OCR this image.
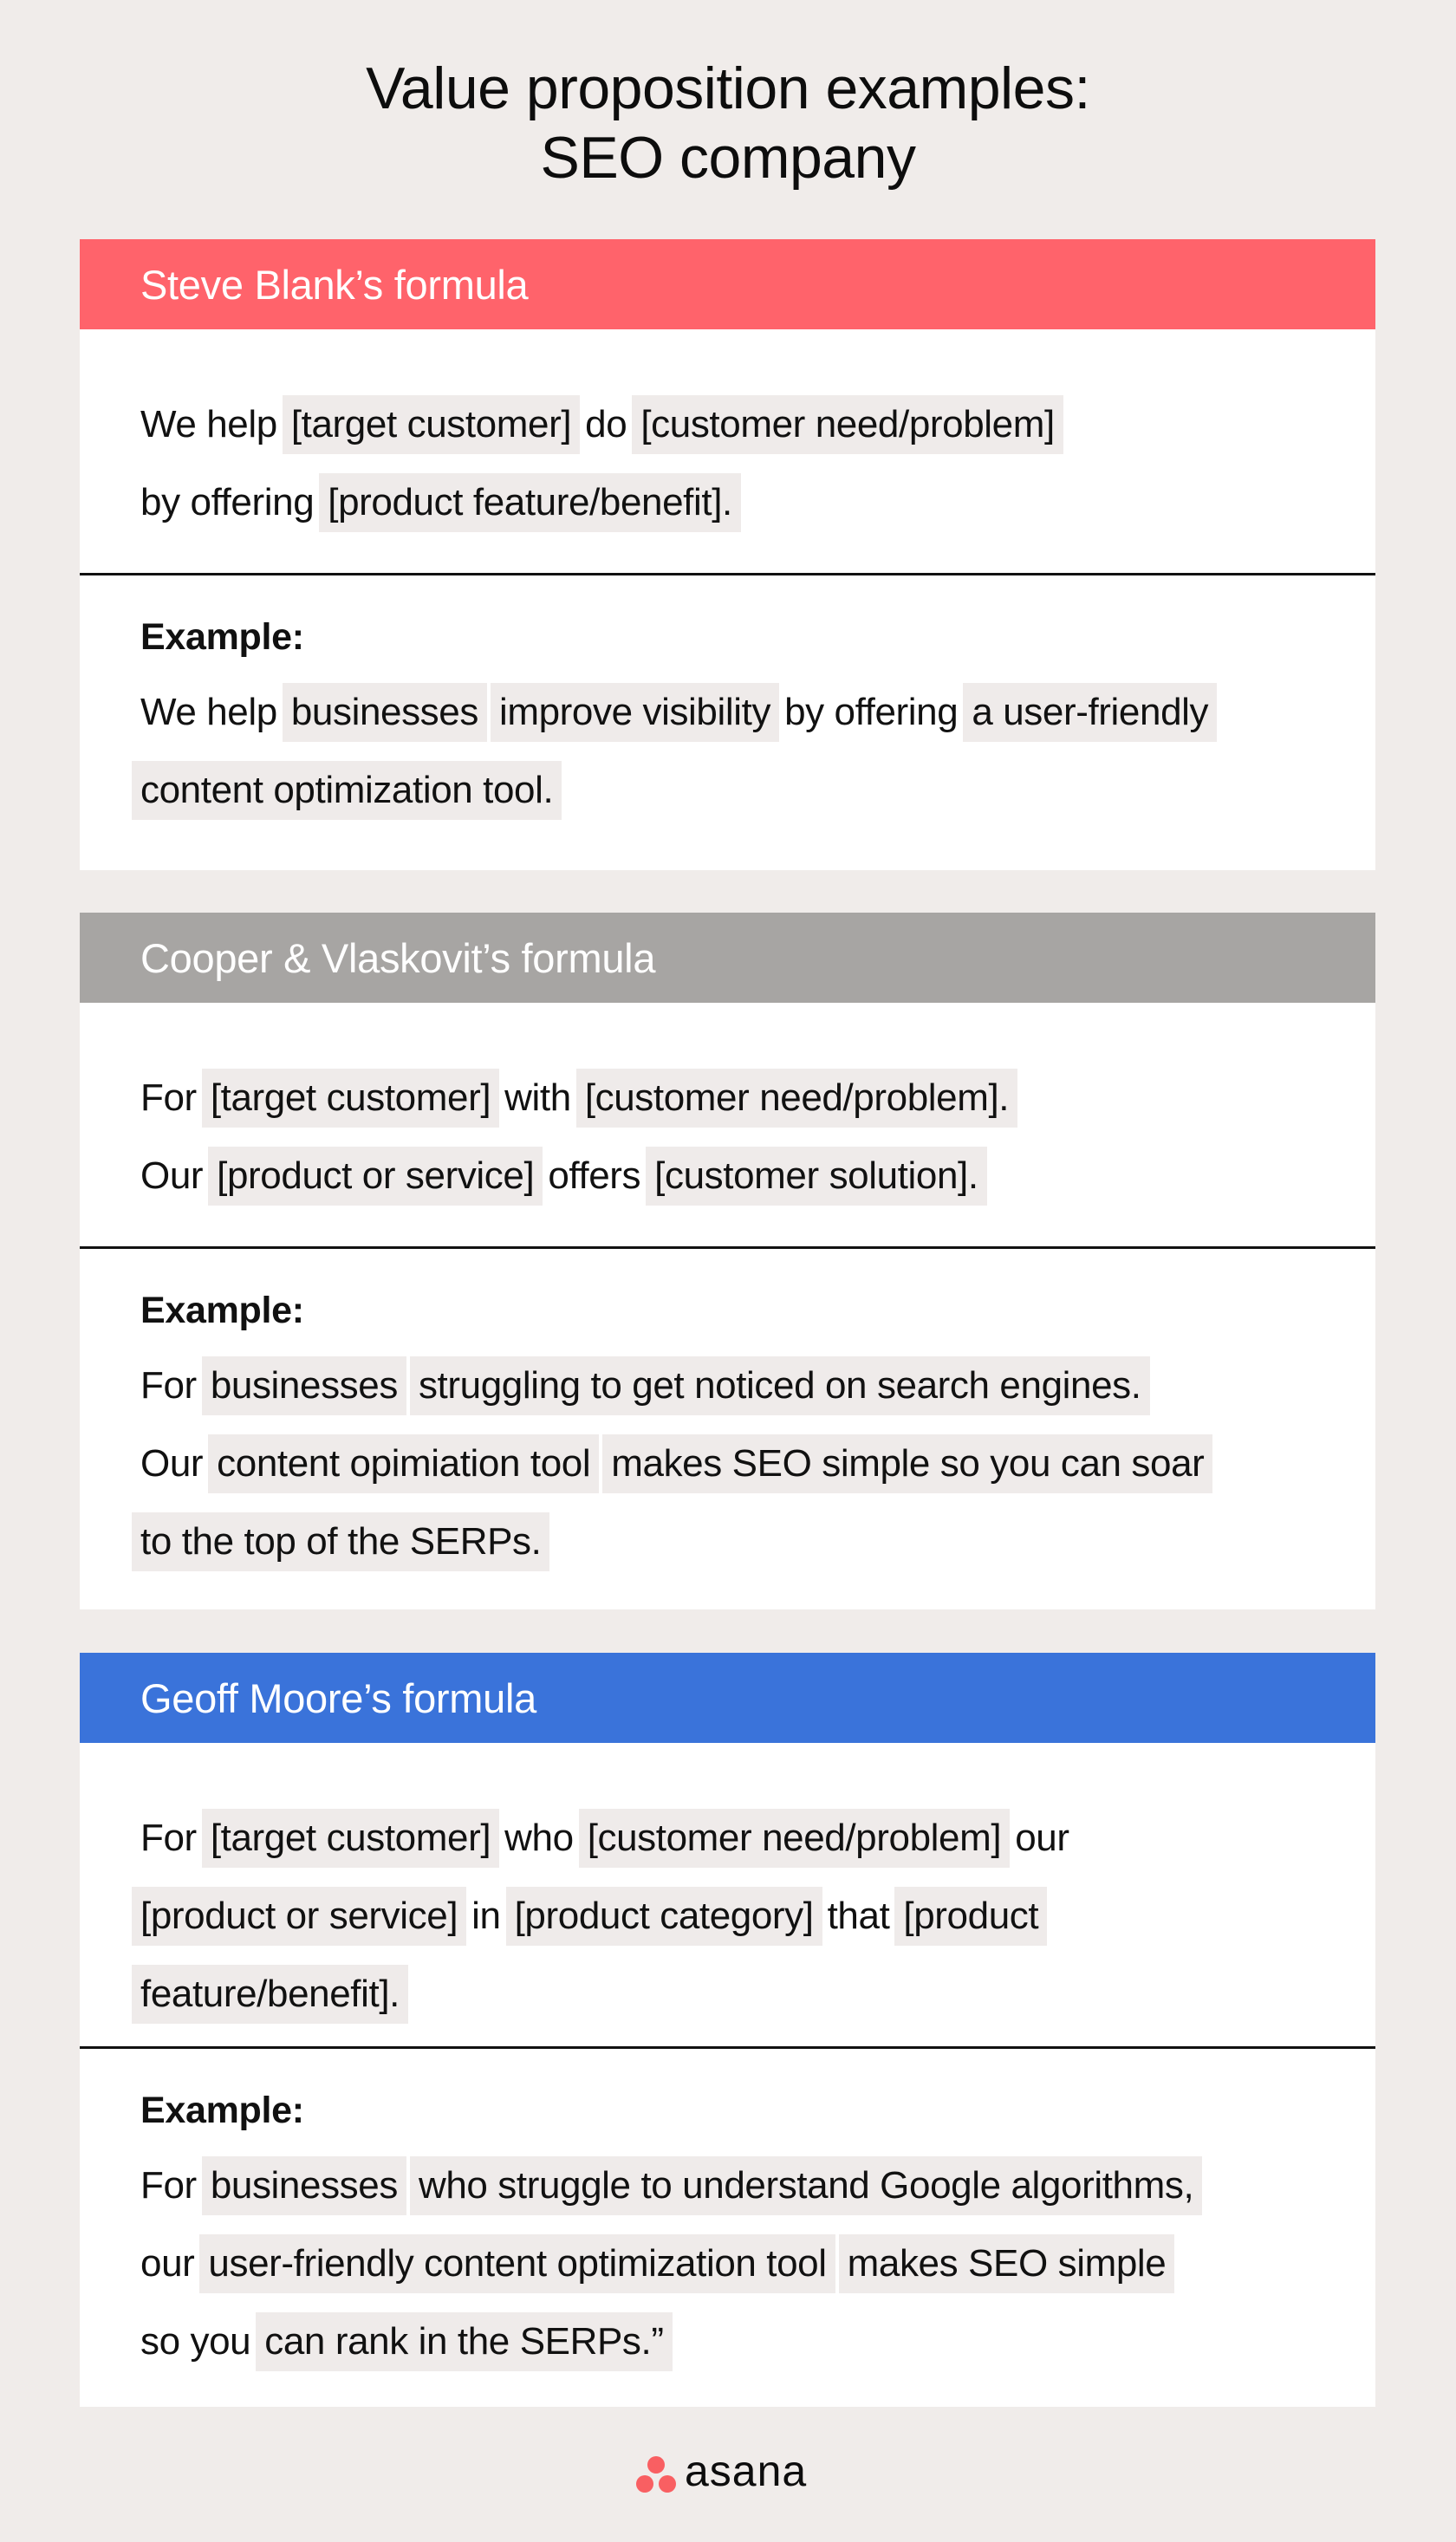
Value proposition examples:
SEO company
Steve Blank’s formula
We help [target customer] do [customer need/problem]
by offering [product feature/benefit].
Example:
We help businesses improve visibility by offering a user-friendly
content optimization tool.
Cooper & Vlaskovit’s formula
For [target customer] with [customer need/problem].
Our [product or service] offers [customer solution].
Example:
For businesses struggling to get noticed on search engines.
Our content opimiation tool makes SEO simple so you can soar
to the top of the SERPs.
Geoff Moore’s formula
For [target customer] who [customer need/problem] our
[product or service] in [product category] that [product
feature/benefit].
Example:
For businesses who struggle to understand Google algorithms,
our user-friendly content optimization tool makes SEO simple
so you can rank in the SERPs.”
asana
